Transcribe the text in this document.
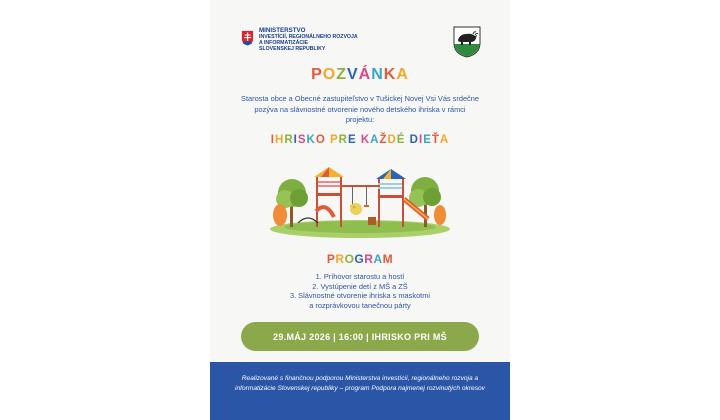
MINISTERSTVO
INVESTÍCIÍ, REGIONÁLNEHO ROZVOJA
A INFORMATIZÁCIE
SLOVENSKEJ REPUBLIKY
POZVÁNKA
Starosta obce a Obecné zastupiteľstvo v Tušickej Novej Vsi Vás srdečne pozýva na slávnostné otvorenie nového detského ihriska v rámci projektu:
IHRISKO PRE KAŽDÉ DIEŤA
PROGRAM
1. Príhovor starostu a hostí
2. Vystúpenie detí z MŠ a ZŠ
3. Slávnostné otvorenie ihriska s maskotmi
a rozprávkovou tanečnou párty
29.MÁJ 2026 | 16:00 | IHRISKO PRI MŠ
Realizované s finančnou podporou Ministerstva investícií, regionálneho rozvoja a informatizácie Slovenskej republiky – program Podpora najmenej rozvinutých okresov
